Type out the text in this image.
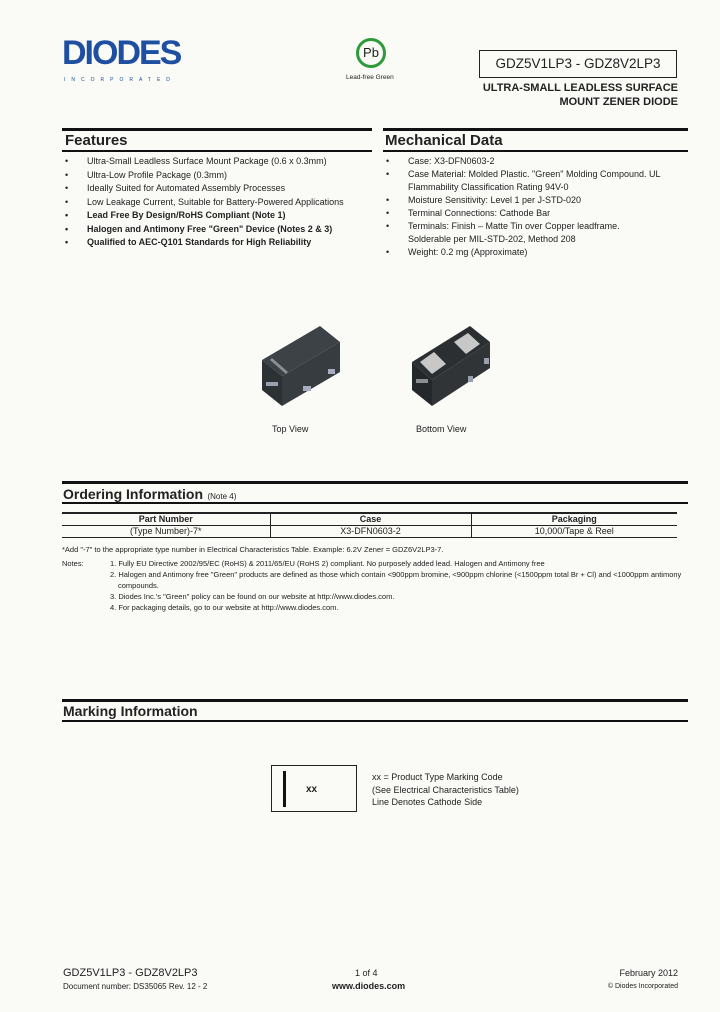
DIODES
INCORPORATED
Pb
Lead-free Green
GDZ5V1LP3 - GDZ8V2LP3
ULTRA-SMALL LEADLESS SURFACE
MOUNT ZENER DIODE
Features
• Ultra-Small Leadless Surface Mount Package (0.6 x 0.3mm)
• Ultra-Low Profile Package (0.3mm)
• Ideally Suited for Automated Assembly Processes
• Low Leakage Current, Suitable for Battery-Powered Applications
• Lead Free By Design/RoHS Compliant (Note 1)
• Halogen and Antimony Free "Green" Device (Notes 2 & 3)
• Qualified to AEC-Q101 Standards for High Reliability
Mechanical Data
• Case: X3-DFN0603-2
• Case Material: Molded Plastic. "Green" Molding Compound. UL Flammability Classification Rating 94V-0
• Moisture Sensitivity: Level 1 per J-STD-020
• Terminal Connections: Cathode Bar
• Terminals: Finish – Matte Tin over Copper leadframe. Solderable per MIL-STD-202, Method 208
• Weight: 0.2 mg (Approximate)
Top View	Bottom View
Ordering Information (Note 4)
Part Number	Case	Packaging
(Type Number)-7*	X3-DFN0603-2	10,000/Tape & Reel
*Add "-7" to the appropriate type number in Electrical Characteristics Table. Example: 6.2V Zener = GDZ6V2LP3-7.
Notes:	1. Fully EU Directive 2002/95/EC (RoHS) & 2011/65/EU (RoHS 2) compliant. No purposely added lead. Halogen and Antimony free
2. Halogen and Antimony free "Green" products are defined as those which contain <900ppm bromine, <900ppm chlorine (<1500ppm total Br + Cl) and <1000ppm antimony compounds.
3. Diodes Inc.'s "Green" policy can be found on our website at http://www.diodes.com.
4. For packaging details, go to our website at http://www.diodes.com.
Marking Information
xx
xx = Product Type Marking Code
(See Electrical Characteristics Table)
Line Denotes Cathode Side
GDZ5V1LP3 - GDZ8V2LP3
Document number: DS35065 Rev. 12 - 2
1 of 4
www.diodes.com
February 2012
© Diodes Incorporated
